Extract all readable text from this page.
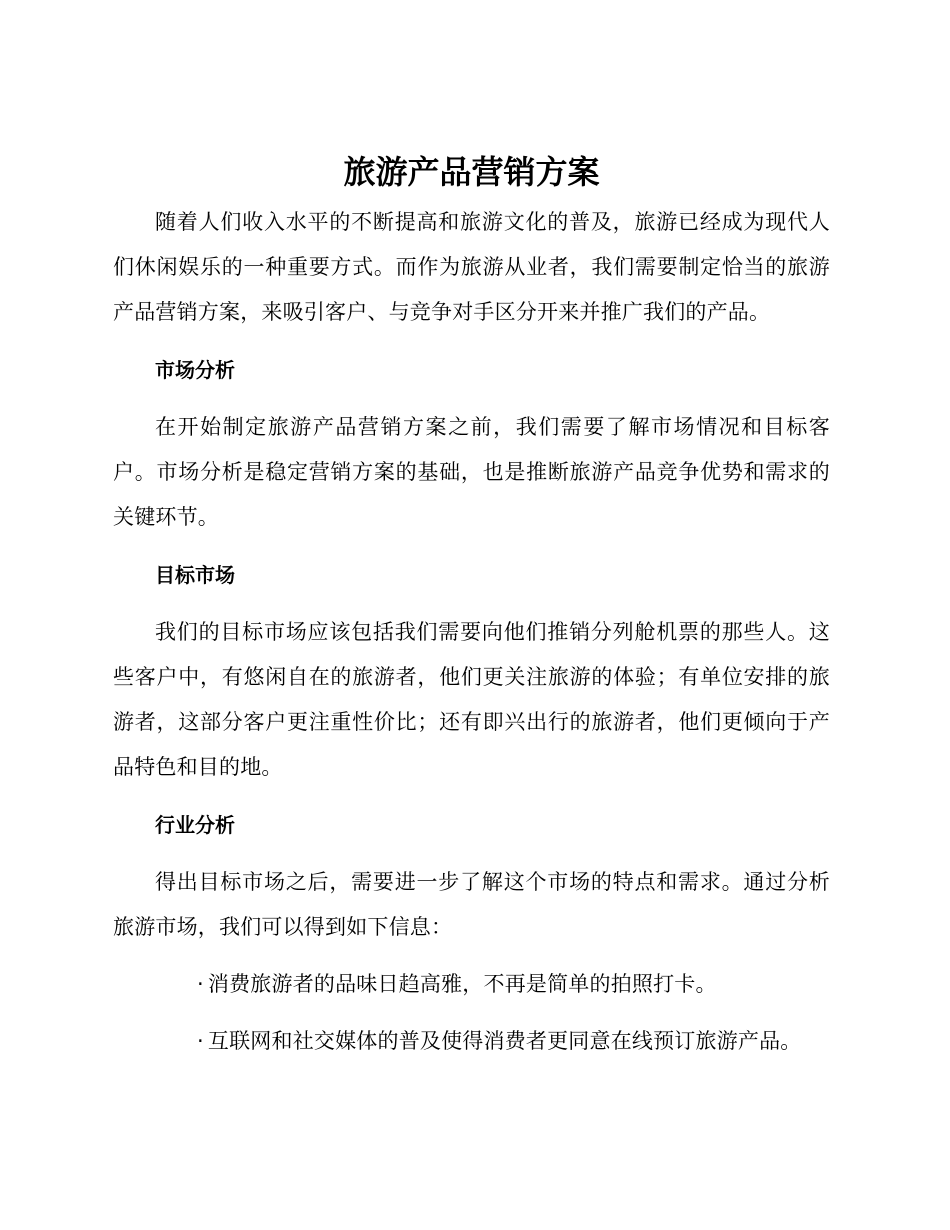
旅游产品营销方案

随着人们收入水平的不断提高和旅游文化的普及，旅游已经成为现代人们休闲娱乐的一种重要方式。而作为旅游从业者，我们需要制定恰当的旅游产品营销方案，来吸引客户、与竞争对手区分开来并推广我们的产品。

市场分析

在开始制定旅游产品营销方案之前，我们需要了解市场情况和目标客户。市场分析是稳定营销方案的基础，也是推断旅游产品竞争优势和需求的关键环节。

目标市场

我们的目标市场应该包括我们需要向他们推销分列舱机票的那些人。这些客户中，有悠闲自在的旅游者，他们更关注旅游的体验；有单位安排的旅游者，这部分客户更注重性价比；还有即兴出行的旅游者，他们更倾向于产品特色和目的地。

行业分析

得出目标市场之后，需要进一步了解这个市场的特点和需求。通过分析旅游市场，我们可以得到如下信息：

· 消费旅游者的品味日趋高雅，不再是简单的拍照打卡。

· 互联网和社交媒体的普及使得消费者更同意在线预订旅游产品。
